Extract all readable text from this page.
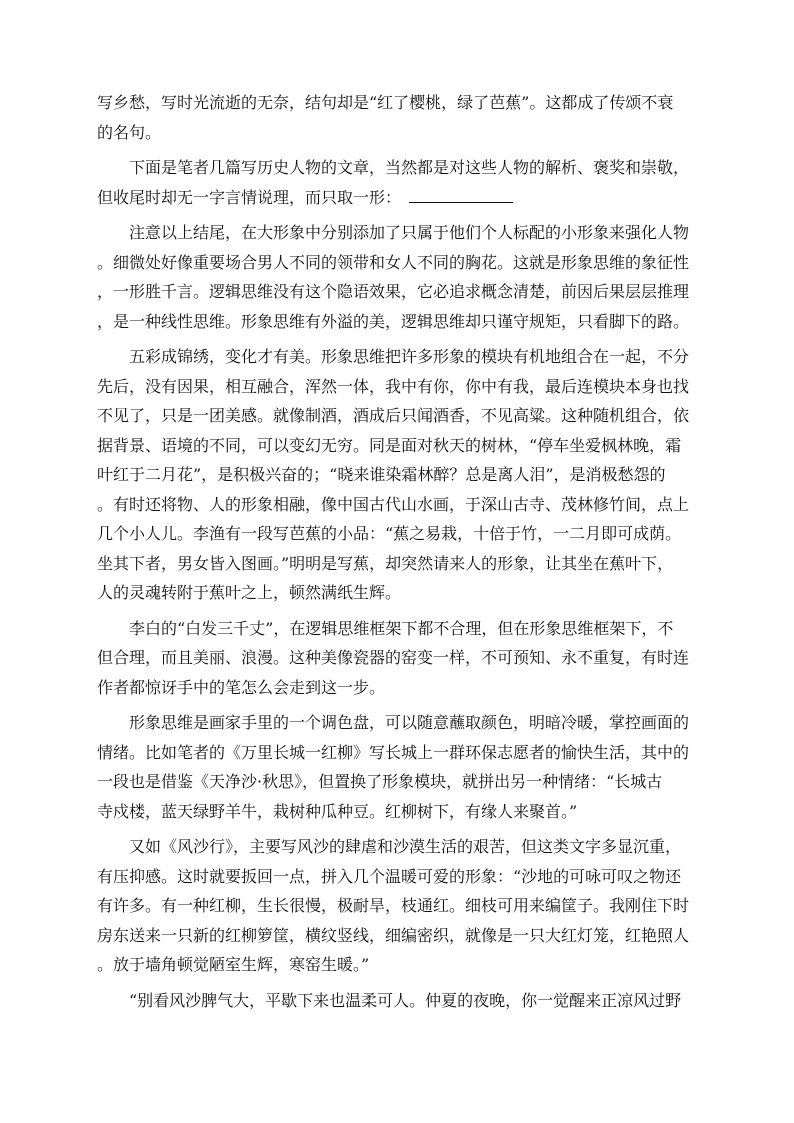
写乡愁，写时光流逝的无奈，结句却是“红了樱桃，绿了芭蕉”。这都成了传颂不衰
的名句。
下面是笔者几篇写历史人物的文章，当然都是对这些人物的解析、褒奖和崇敬，
但收尾时却无一字言情说理，而只取一形：
注意以上结尾，在大形象中分别添加了只属于他们个人标配的小形象来强化人物
。细微处好像重要场合男人不同的领带和女人不同的胸花。这就是形象思维的象征性
，一形胜千言。逻辑思维没有这个隐语效果，它必追求概念清楚，前因后果层层推理
，是一种线性思维。形象思维有外溢的美，逻辑思维却只谨守规矩，只看脚下的路。
五彩成锦绣，变化才有美。形象思维把许多形象的模块有机地组合在一起，不分
先后，没有因果，相互融合，浑然一体，我中有你，你中有我，最后连模块本身也找
不见了，只是一团美感。就像制酒，酒成后只闻酒香，不见高粱。这种随机组合，依
据背景、语境的不同，可以变幻无穷。同是面对秋天的树林，“停车坐爱枫林晚，霜
叶红于二月花”，是积极兴奋的；“晓来谁染霜林醉？总是离人泪”，是消极愁怨的
。有时还将物、人的形象相融，像中国古代山水画，于深山古寺、茂林修竹间，点上
几个小人儿。李渔有一段写芭蕉的小品：“蕉之易栽，十倍于竹，一二月即可成荫。
坐其下者，男女皆入图画。”明明是写蕉，却突然请来人的形象，让其坐在蕉叶下，
人的灵魂转附于蕉叶之上，顿然满纸生辉。
李白的“白发三千丈”，在逻辑思维框架下都不合理，但在形象思维框架下，不
但合理，而且美丽、浪漫。这种美像瓷器的窑变一样，不可预知、永不重复，有时连
作者都惊讶手中的笔怎么会走到这一步。
形象思维是画家手里的一个调色盘，可以随意蘸取颜色，明暗冷暖，掌控画面的
情绪。比如笔者的《万里长城一红柳》写长城上一群环保志愿者的愉快生活，其中的
一段也是借鉴《天净沙·秋思》，但置换了形象模块，就拼出另一种情绪：“长城古
寺戍楼，蓝天绿野羊牛，栽树种瓜种豆。红柳树下，有缘人来聚首。”
又如《风沙行》，主要写风沙的肆虐和沙漠生活的艰苦，但这类文字多显沉重，
有压抑感。这时就要扳回一点，拼入几个温暖可爱的形象：“沙地的可咏可叹之物还
有许多。有一种红柳，生长很慢，极耐旱，枝通红。细枝可用来编筐子。我刚住下时
房东送来一只新的红柳箩筐，横纹竖线，细编密织，就像是一只大红灯笼，红艳照人
。放于墙角顿觉陋室生辉，寒窑生暖。”
“别看风沙脾气大，平歇下来也温柔可人。仲夏的夜晚，你一觉醒来正凉风过野
